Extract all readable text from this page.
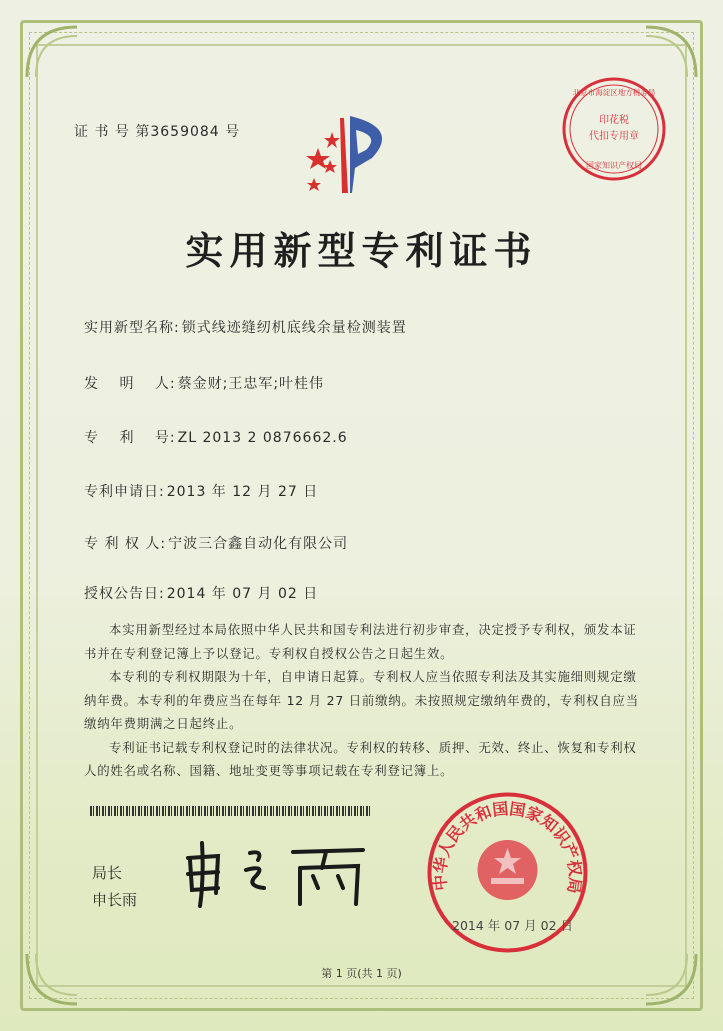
证 书 号 第3659084 号
实用新型专利证书
实用新型名称: 锁式线迹缝纫机底线余量检测装置
发　 明　 人: 蔡金财;王忠军;叶桂伟
专　 利　 号: ZL 2013 2 0876662.6
专利申请日: 2013 年 12 月 27 日
专 利 权 人: 宁波三合鑫自动化有限公司
授权公告日: 2014 年 07 月 02 日

本实用新型经过本局依照中华人民共和国专利法进行初步审查，决定授予专利权，颁发本证书并在专利登记簿上予以登记。专利权自授权公告之日起生效。

本专利的专利权期限为十年，自申请日起算。专利权人应当依照专利法及其实施细则规定缴纳年费。本专利的年费应当在每年 12 月 27 日前缴纳。未按照规定缴纳年费的，专利权自应当缴纳年费期满之日起终止。

专利证书记载专利权登记时的法律状况。专利权的转移、质押、无效、终止、恢复和专利权人的姓名或名称、国籍、地址变更等事项记载在专利登记簿上。

局长
申长雨
印花税
代扣专用章
北京市海淀区地方税务局
国家知识产权局
中华人民共和国国家知识产权局
2014 年 07 月 02 日
第 1 页(共 1 页)
